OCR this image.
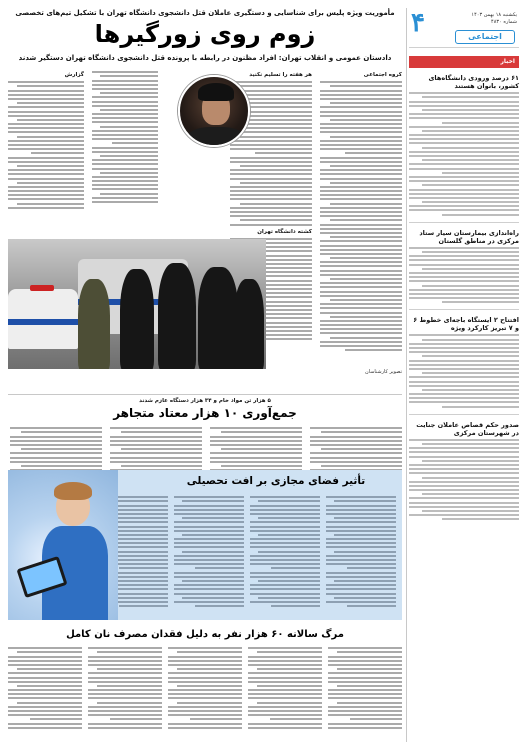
یکشنبه ۱۸ بهمن ۱۴۰۳
شماره ۴۸۳۰
۴	اجتماعی
اخبار
۶۱ درصد ورودی دانشگاه‌های کشور، بانوان هستند
راه‌اندازی بیمارستان سیار ستاد مرکزی در مناطق گلستان
افتتاح ۲ ایستگاه باجه‌ای خطوط ۶ و ۷ تبریز کارکرد ویژه
صدور حکم قصاص عاملان جنایت در شهرستان مرکزی
مأموریت ویژه پلیس برای شناسایی و دستگیری عاملان قتل دانشجوی دانشگاه تهران با تشکیل تیم‌های تخصصی
زوم روی زورگیرها
دادستان عمومی و انقلاب تهران: افراد مظنون در رابطه با پرونده قتل دانشجوی دانشگاه تهران دستگیر شدند
کروه اجتماعی
هر هفته را تسلیم نکنید
کشته دانشگاه تهران
گزارش
تصویر کارشناسان
۵ هزار تن مواد خام و ۳۴ هزار دستگاه عازم شدند
جمع‌آوری ۱۰ هزار معتاد متجاهر
تأثیر فضای مجازی بر افت تحصیلی
مرگ سالانه ۶۰ هزار نفر به دلیل فقدان مصرف نان کامل
